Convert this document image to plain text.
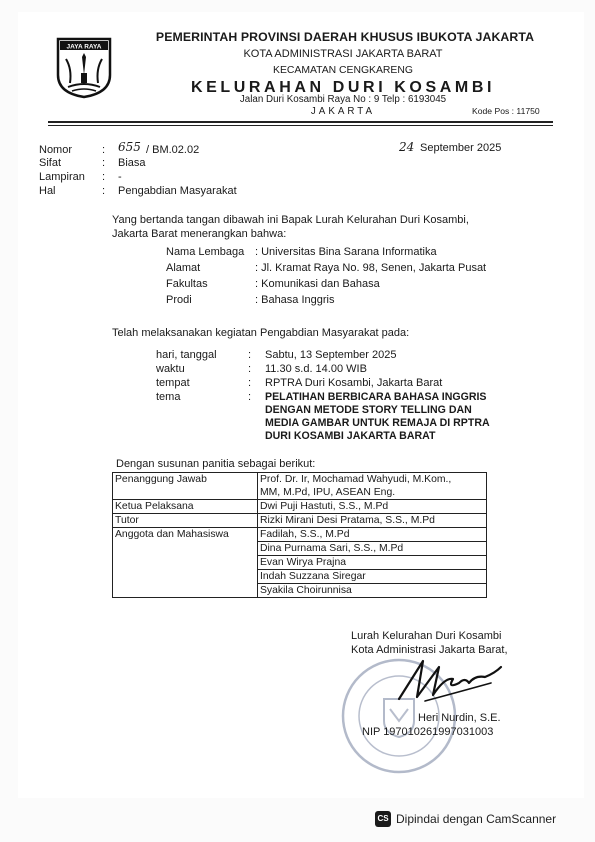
JAYA RAYA
PEMERINTAH PROVINSI DAERAH KHUSUS IBUKOTA JAKARTA
KOTA ADMINISTRASI JAKARTA BARAT
KECAMATAN CENGKARENG
KELURAHAN DURI KOSAMBI
Jalan Duri Kosambi Raya No : 9 Telp : 6193045
JAKARTA	Kode Pos : 11750
Nomor	: 655 / BM.02.02	24 September 2025
Sifat	: Biasa
Lampiran : -
Hal	: Pengabdian Masyarakat
Yang bertanda tangan dibawah ini Bapak Lurah Kelurahan Duri Kosambi,
Jakarta Barat menerangkan bahwa:
Nama Lembaga : Universitas Bina Sarana Informatika
Alamat	: Jl. Kramat Raya No. 98, Senen, Jakarta Pusat
Fakultas	: Komunikasi dan Bahasa
Prodi	: Bahasa Inggris
Telah melaksanakan kegiatan Pengabdian Masyarakat pada:
hari, tanggal	: Sabtu, 13 September 2025
waktu	: 11.30 s.d. 14.00 WIB
tempat	: RPTRA Duri Kosambi, Jakarta Barat
tema	: PELATIHAN BERBICARA BAHASA INGGRIS
DENGAN METODE STORY TELLING DAN
MEDIA GAMBAR UNTUK REMAJA DI RPTRA
DURI KOSAMBI JAKARTA BARAT
Dengan susunan panitia sebagai berikut:
Penanggung Jawab	Prof. Dr. Ir, Mochamad Wahyudi, M.Kom.,
	MM, M.Pd, IPU, ASEAN Eng.
Ketua Pelaksana	Dwi Puji Hastuti, S.S., M.Pd
Tutor	Rizki Mirani Desi Pratama, S.S., M.Pd
Anggota dan Mahasiswa	Fadilah, S.S., M.Pd
	Dina Purnama Sari, S.S., M.Pd
	Evan Wirya Prajna
	Indah Suzzana Siregar
	Syakila Choirunnisa
Lurah Kelurahan Duri Kosambi
Kota Administrasi Jakarta Barat,
Heri Nurdin, S.E.
NIP 197010261997031003
CS Dipindai dengan CamScanner
